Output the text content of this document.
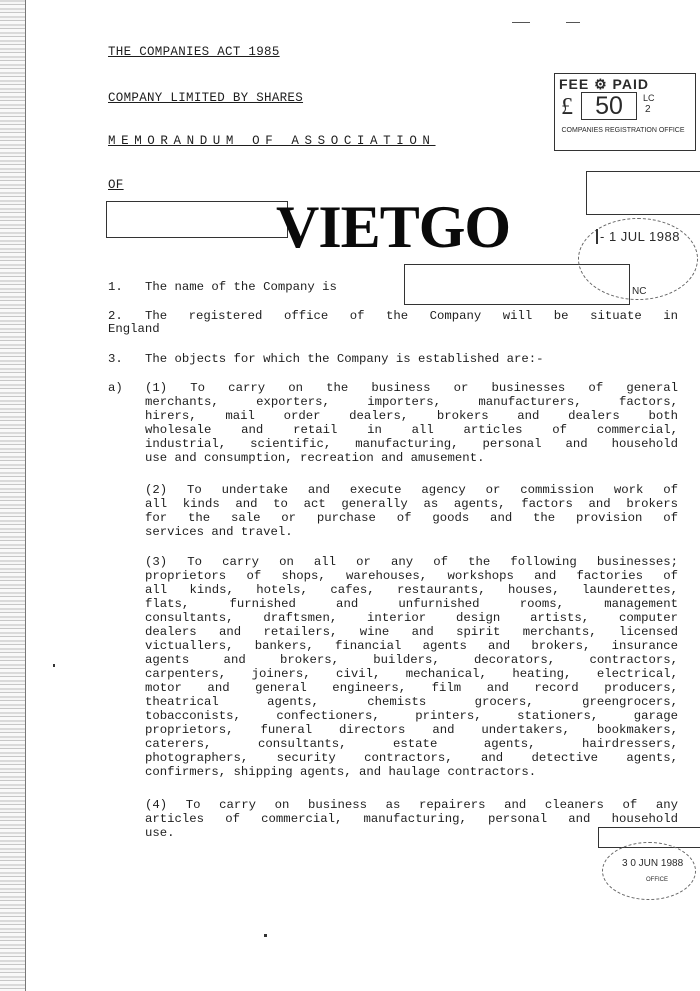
THE COMPANIES ACT 1985
COMPANY LIMITED BY SHARES
MEMORANDUM OF ASSOCIATION
OF
FEE ⚙ PAID
£ 50	LC
2
COMPANIES REGISTRATION OFFICE
- 1 JUL 1988
NC
VIETGO
1. The name of the Company is
2. The registered office of the Company will be situate in
England
3. The objects for which the Company is established are:-
a) (1) To carry on the business or businesses of general
merchants, exporters, importers, manufacturers, factors,
hirers, mail order dealers, brokers and dealers both
wholesale and retail in all articles of commercial,
industrial, scientific, manufacturing, personal and household
use and consumption, recreation and amusement.
(2) To undertake and execute agency or commission work of
all kinds and to act generally as agents, factors and brokers
for the sale or purchase of goods and the provision of
services and travel.
(3) To carry on all or any of the following businesses;
proprietors of shops, warehouses, workshops and factories of
all kinds, hotels, cafes, restaurants, houses, launderettes,
flats, furnished and unfurnished rooms, management
consultants, draftsmen, interior design artists, computer
dealers and retailers, wine and spirit merchants, licensed
victuallers, bankers, financial agents and brokers, insurance
agents and brokers, builders, decorators, contractors,
carpenters, joiners, civil, mechanical, heating, electrical,
motor and general engineers, film and record producers,
theatrical agents, chemists grocers, greengrocers,
tobacconists, confectioners, printers, stationers, garage
proprietors, funeral directors and undertakers, bookmakers,
caterers, consultants, estate agents, hairdressers,
photographers, security contractors, and detective agents,
confirmers, shipping agents, and haulage contractors.
(4) To carry on business as repairers and cleaners of any
articles of commercial, manufacturing, personal and household
use.
3 0 JUN 1988
OFFICE
